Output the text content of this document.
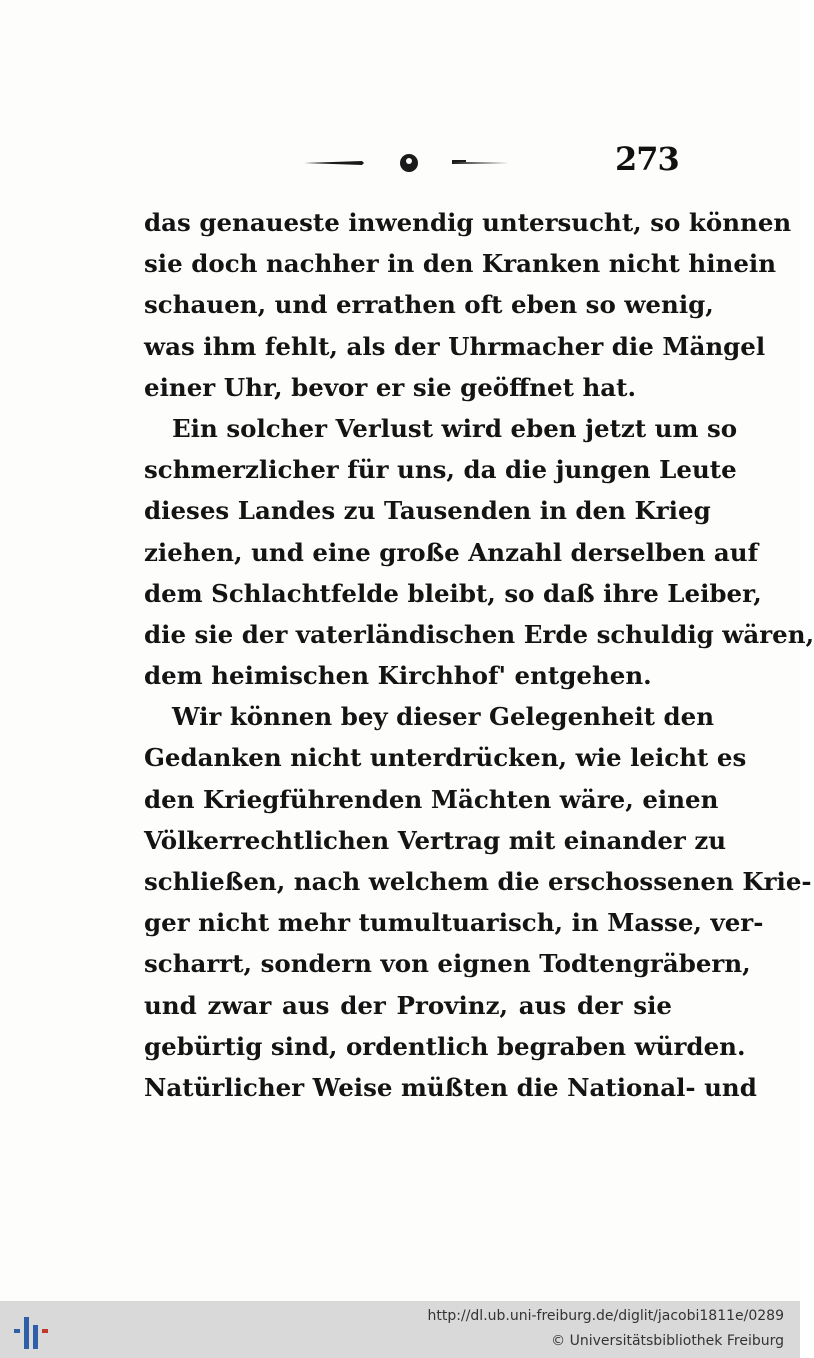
273
das genaueste inwendig untersucht, so können
sie doch nachher in den Kranken nicht hinein
schauen, und errathen oft eben so wenig,
was ihm fehlt, als der Uhrmacher die Mängel
einer Uhr, bevor er sie geöffnet hat.
Ein solcher Verlust wird eben jetzt um so
schmerzlicher für uns, da die jungen Leute
dieses Landes zu Tausenden in den Krieg
ziehen, und eine große Anzahl derselben auf
dem Schlachtfelde bleibt, so daß ihre Leiber,
die sie der vaterländischen Erde schuldig wären,
dem heimischen Kirchhof' entgehen.
Wir können bey dieser Gelegenheit den
Gedanken nicht unterdrücken, wie leicht es
den Kriegführenden Mächten wäre, einen
Völkerrechtlichen Vertrag mit einander zu
schließen, nach welchem die erschossenen Krie-
ger nicht mehr tumultuarisch, in Masse, ver-
scharrt, sondern von eignen Todtengräbern,
und zwar aus der Provinz, aus der sie
gebürtig sind, ordentlich begraben würden.
Natürlicher Weise müßten die National- und
http://dl.ub.uni-freiburg.de/diglit/jacobi1811e/0289
© Universitätsbibliothek Freiburg
